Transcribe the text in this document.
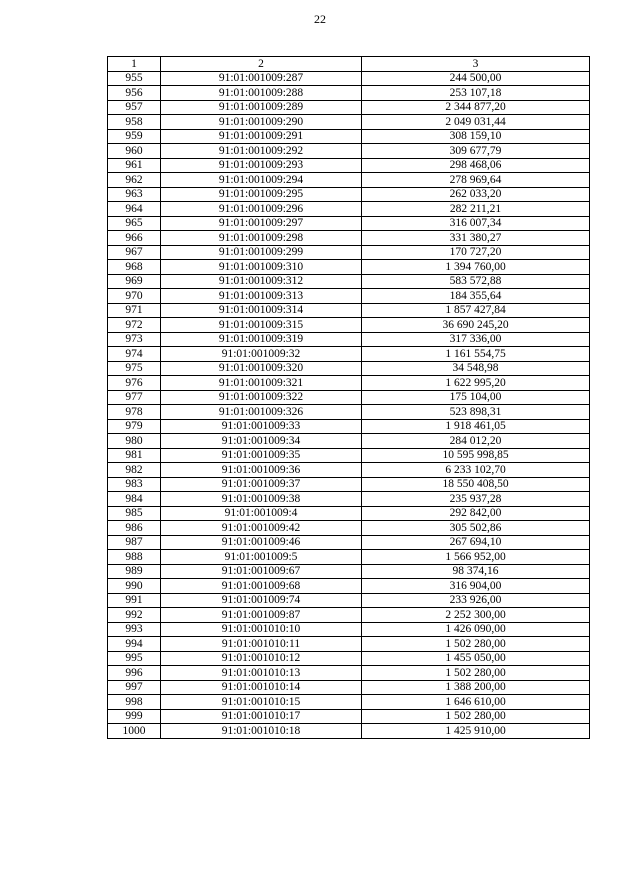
22
1	2	3
955	91:01:001009:287	244 500,00
956	91:01:001009:288	253 107,18
957	91:01:001009:289	2 344 877,20
958	91:01:001009:290	2 049 031,44
959	91:01:001009:291	308 159,10
960	91:01:001009:292	309 677,79
961	91:01:001009:293	298 468,06
962	91:01:001009:294	278 969,64
963	91:01:001009:295	262 033,20
964	91:01:001009:296	282 211,21
965	91:01:001009:297	316 007,34
966	91:01:001009:298	331 380,27
967	91:01:001009:299	170 727,20
968	91:01:001009:310	1 394 760,00
969	91:01:001009:312	583 572,88
970	91:01:001009:313	184 355,64
971	91:01:001009:314	1 857 427,84
972	91:01:001009:315	36 690 245,20
973	91:01:001009:319	317 336,00
974	91:01:001009:32	1 161 554,75
975	91:01:001009:320	34 548,98
976	91:01:001009:321	1 622 995,20
977	91:01:001009:322	175 104,00
978	91:01:001009:326	523 898,31
979	91:01:001009:33	1 918 461,05
980	91:01:001009:34	284 012,20
981	91:01:001009:35	10 595 998,85
982	91:01:001009:36	6 233 102,70
983	91:01:001009:37	18 550 408,50
984	91:01:001009:38	235 937,28
985	91:01:001009:4	292 842,00
986	91:01:001009:42	305 502,86
987	91:01:001009:46	267 694,10
988	91:01:001009:5	1 566 952,00
989	91:01:001009:67	98 374,16
990	91:01:001009:68	316 904,00
991	91:01:001009:74	233 926,00
992	91:01:001009:87	2 252 300,00
993	91:01:001010:10	1 426 090,00
994	91:01:001010:11	1 502 280,00
995	91:01:001010:12	1 455 050,00
996	91:01:001010:13	1 502 280,00
997	91:01:001010:14	1 388 200,00
998	91:01:001010:15	1 646 610,00
999	91:01:001010:17	1 502 280,00
1000	91:01:001010:18	1 425 910,00
